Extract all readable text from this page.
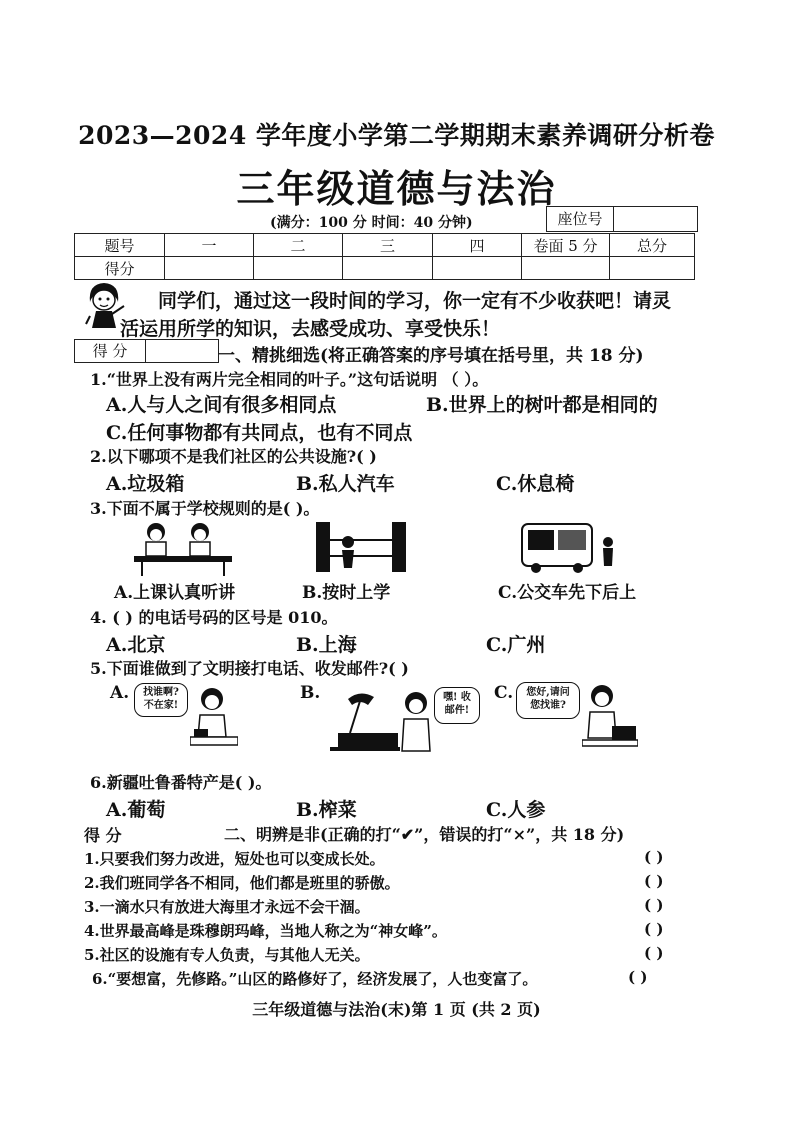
2023—2024 学年度小学第二学期期末素养调研分析卷
三年级道德与法治
(满分：100 分 时间：40 分钟)	座位号
题号	一	二	三	四	卷面 5 分	总分
得分						
同学们，通过这一段时间的学习，你一定有不少收获吧！请灵
活运用所学的知识，去感受成功、享受快乐！
得 分	一、精挑细选(将正确答案的序号填在括号里，共 18 分)
1.“世界上没有两片完全相同的叶子。”这句话说明 （ ）。
A.人与人之间有很多相同点	B.世界上的树叶都是相同的
C.任何事物都有共同点，也有不同点
2.以下哪项不是我们社区的公共设施?( )
A.垃圾箱	B.私人汽车	C.休息椅
3.下面不属于学校规则的是( )。
A.上课认真听讲	B.按时上学	C.公交车先下后上
4. ( ) 的电话号码的区号是 010。
A.北京	B.上海	C.广州
5.下面谁做到了文明接打电话、收发邮件?( )
A.	B.	C.
找谁啊?
不在家!
嘿! 收
邮件!
您好,请问
您找谁?
6.新疆吐鲁番特产是( )。
A.葡萄	B.榨菜	C.人参
得 分	二、明辨是非(正确的打“✔”，错误的打“×”，共 18 分)
1.只要我们努力改进，短处也可以变成长处。	( )
2.我们班同学各不相同，他们都是班里的骄傲。	( )
3.一滴水只有放进大海里才永远不会干涸。	( )
4.世界最高峰是珠穆朗玛峰，当地人称之为“神女峰”。	( )
5.社区的设施有专人负责，与其他人无关。	( )
6.“要想富，先修路。”山区的路修好了，经济发展了，人也变富了。	( )
三年级道德与法治(末)第 1 页 (共 2 页)
